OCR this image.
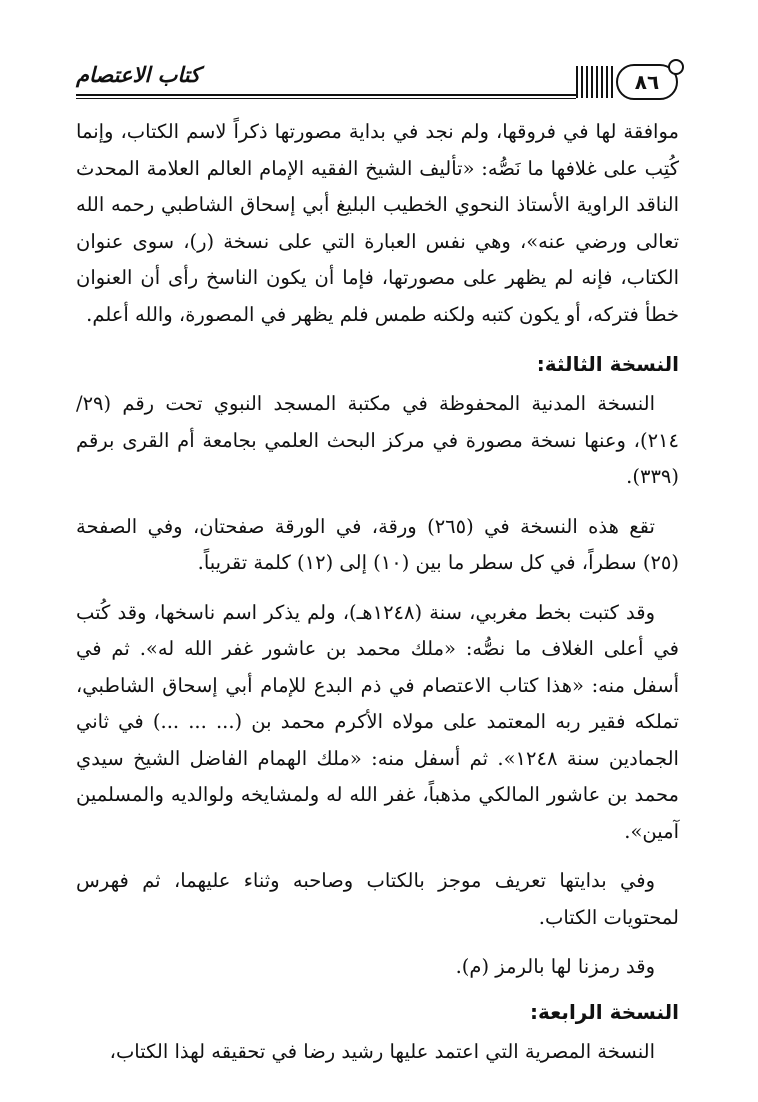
كتاب الاعتصام	٨٦

موافقة لها في فروقها، ولم نجد في بداية مصورتها ذكراً لاسم الكتاب، وإنما كُتِب على غلافها ما نَصُّه: «تأليف الشيخ الفقيه الإمام العالم العلامة المحدث الناقد الراوية الأستاذ النحوي الخطيب البليغ أبي إسحاق الشاطبي رحمه الله تعالى ورضي عنه»، وهي نفس العبارة التي على نسخة (ر)، سوى عنوان الكتاب، فإنه لم يظهر على مصورتها، فإما أن يكون الناسخ رأى أن العنوان خطأ فتركه، أو يكون كتبه ولكنه طمس فلم يظهر في المصورة، والله أعلم.

النسخة الثالثة:

النسخة المدنية المحفوظة في مكتبة المسجد النبوي تحت رقم (٢٩/ ٢١٤)، وعنها نسخة مصورة في مركز البحث العلمي بجامعة أم القرى برقم (٣٣٩).

تقع هذه النسخة في (٢٦٥) ورقة، في الورقة صفحتان، وفي الصفحة (٢٥) سطراً، في كل سطر ما بين (١٠) إلى (١٢) كلمة تقريباً.

وقد كتبت بخط مغربي، سنة (١٢٤٨هـ)، ولم يذكر اسم ناسخها، وقد كُتب في أعلى الغلاف ما نصُّه: «ملك محمد بن عاشور غفر الله له». ثم في أسفل منه: «هذا كتاب الاعتصام في ذم البدع للإمام أبي إسحاق الشاطبي، تملكه فقير ربه المعتمد على مولاه الأكرم محمد بن (... ... ...) في ثاني الجمادين سنة ١٢٤٨». ثم أسفل منه: «ملك الهمام الفاضل الشيخ سيدي محمد بن عاشور المالكي مذهباً، غفر الله له ولمشايخه ولوالديه والمسلمين آمين».

وفي بدايتها تعريف موجز بالكتاب وصاحبه وثناء عليهما، ثم فهرس لمحتويات الكتاب.

وقد رمزنا لها بالرمز (م).

النسخة الرابعة:

النسخة المصرية التي اعتمد عليها رشيد رضا في تحقيقه لهذا الكتاب،
